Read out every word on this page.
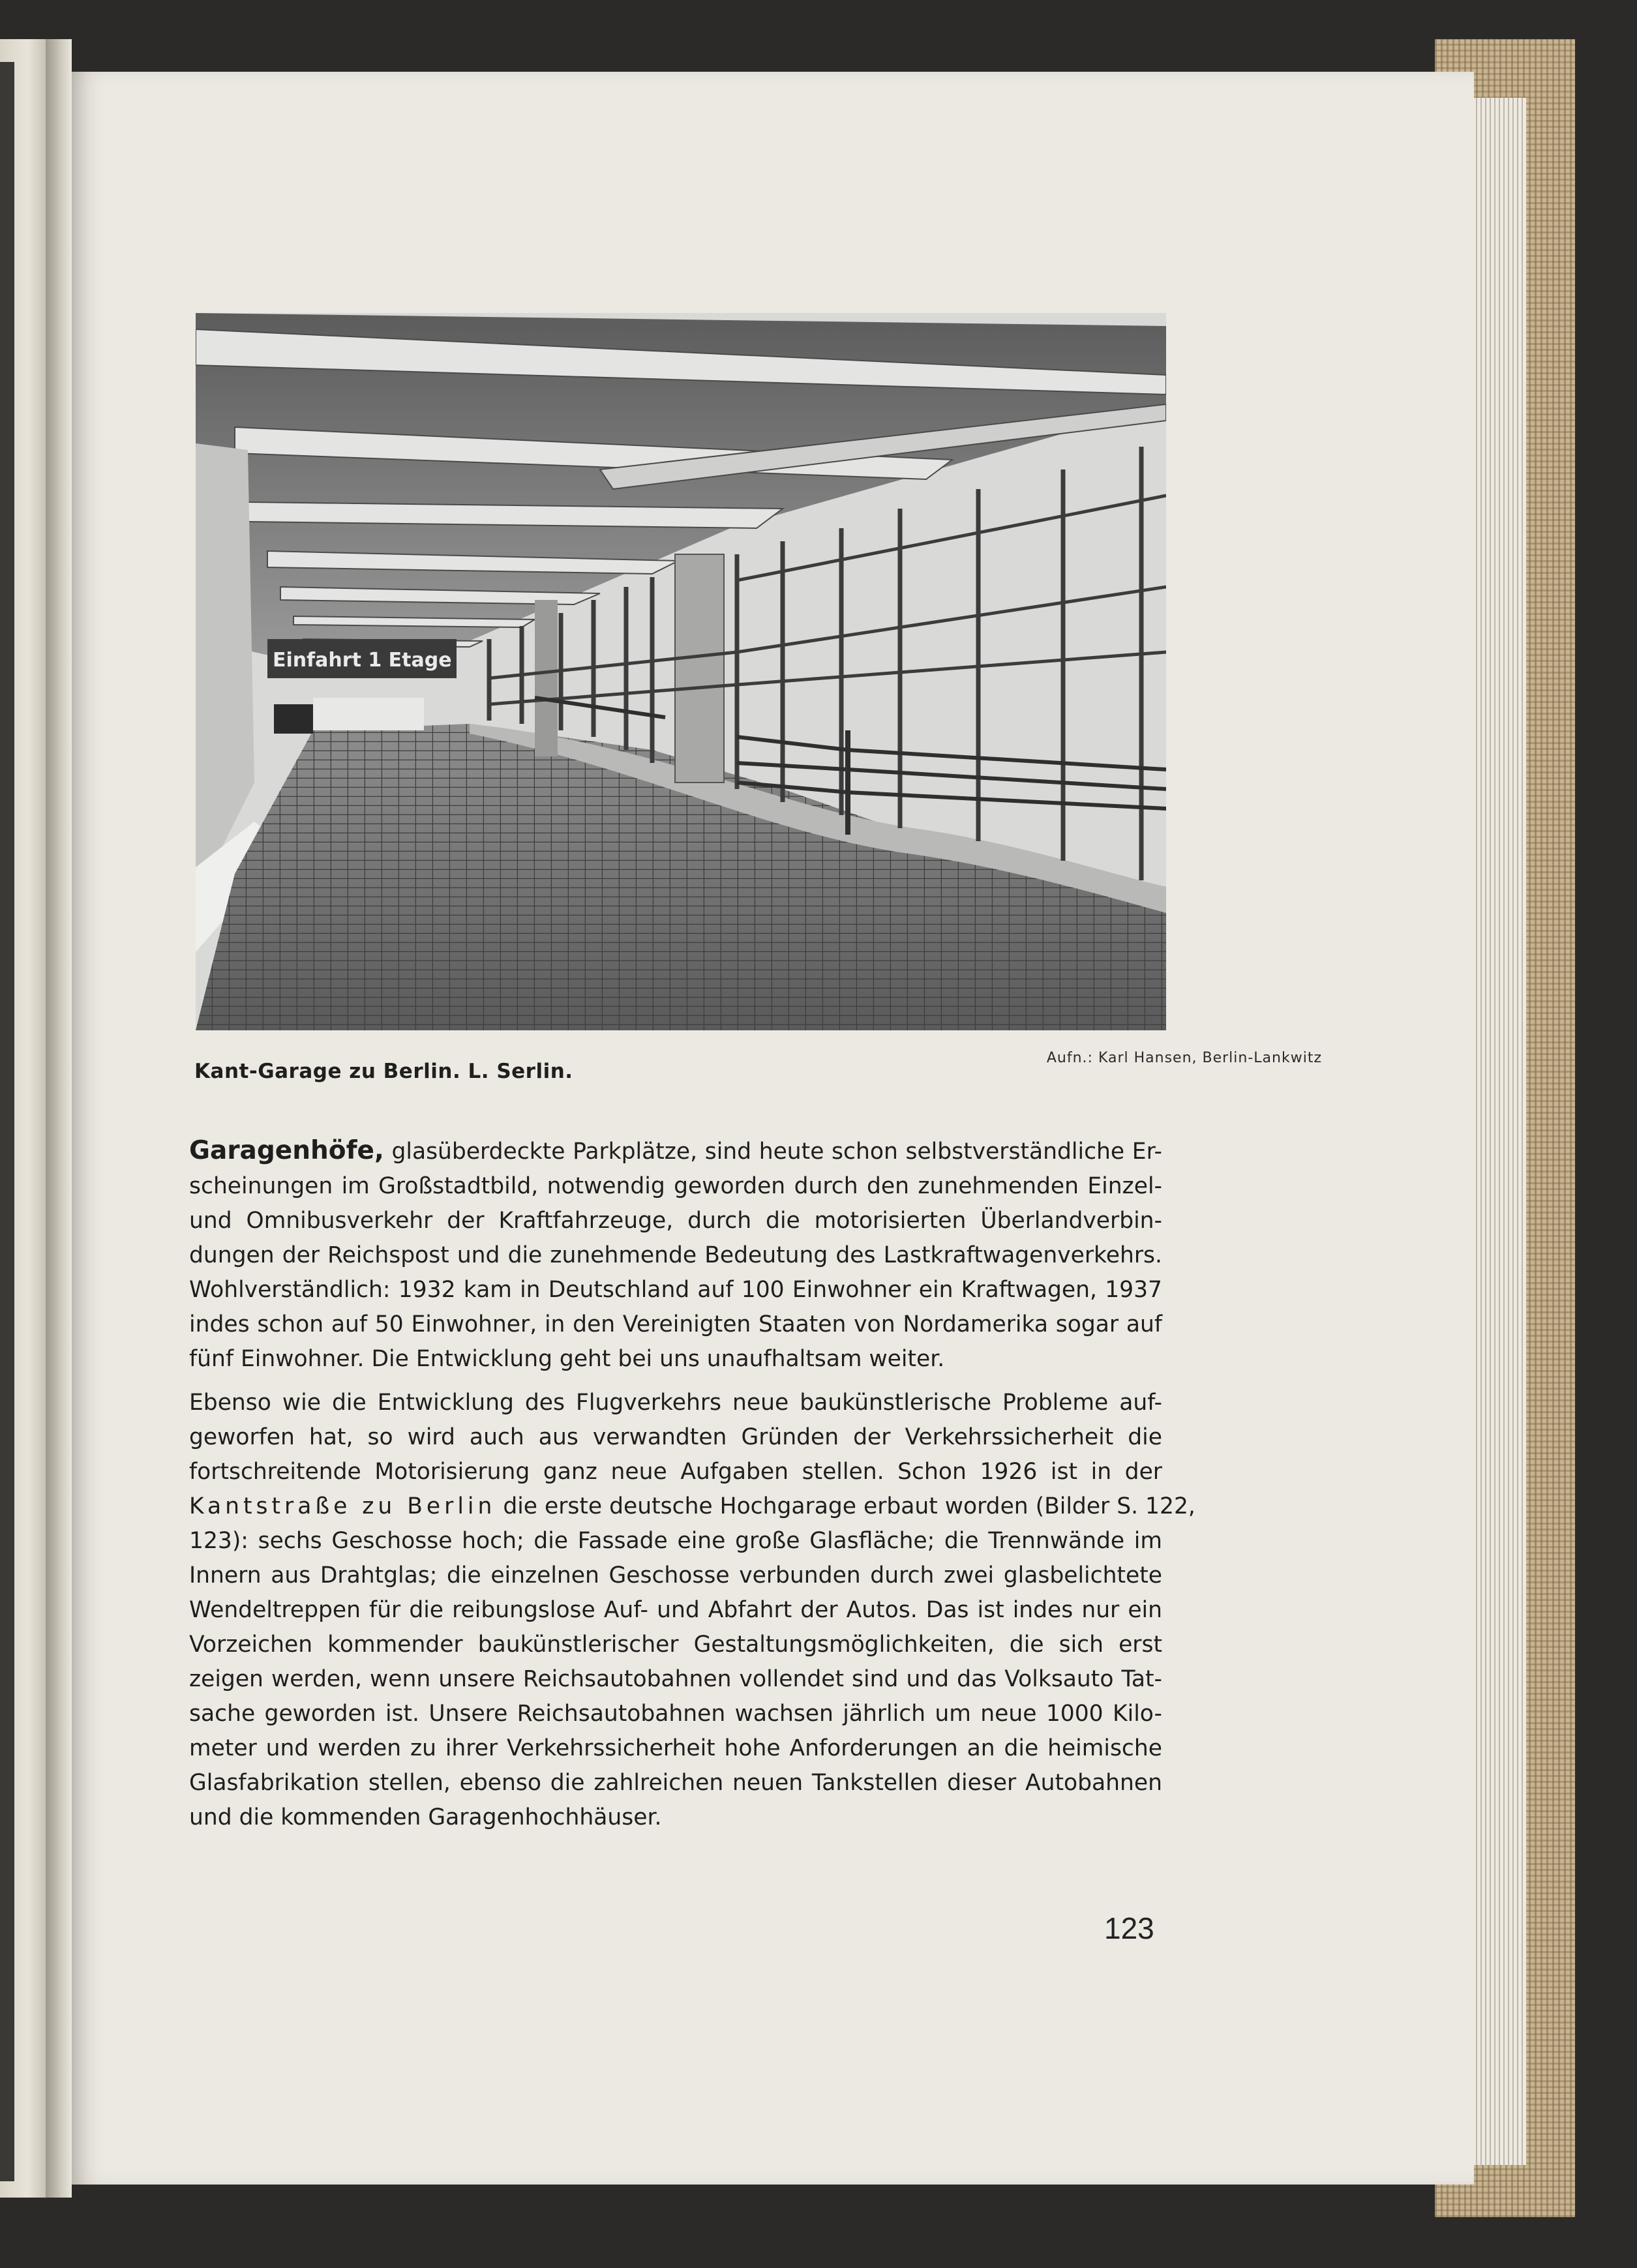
Einfahrt 1 Etage
Kant-Garage zu Berlin. L. Serlin.
Aufn.: Karl Hansen, Berlin-Lankwitz
Garagenhöfe, glasüberdeckte Parkplätze, sind heute schon selbstverständliche Er-
scheinungen im Großstadtbild, notwendig geworden durch den zunehmenden Einzel-
und Omnibusverkehr der Kraftfahrzeuge, durch die motorisierten Überlandverbin-
dungen der Reichspost und die zunehmende Bedeutung des Lastkraftwagenverkehrs.
Wohlverständlich: 1932 kam in Deutschland auf 100 Einwohner ein Kraftwagen, 1937
indes schon auf 50 Einwohner, in den Vereinigten Staaten von Nordamerika sogar auf
fünf Einwohner. Die Entwicklung geht bei uns unaufhaltsam weiter.
Ebenso wie die Entwicklung des Flugverkehrs neue baukünstlerische Probleme auf-
geworfen hat, so wird auch aus verwandten Gründen der Verkehrssicherheit die
fortschreitende Motorisierung ganz neue Aufgaben stellen. Schon 1926 ist in der
Kantstraße zu Berlin die erste deutsche Hochgarage erbaut worden (Bilder S. 122,
123): sechs Geschosse hoch; die Fassade eine große Glasfläche; die Trennwände im
Innern aus Drahtglas; die einzelnen Geschosse verbunden durch zwei glasbelichtete
Wendeltreppen für die reibungslose Auf- und Abfahrt der Autos. Das ist indes nur ein
Vorzeichen kommender baukünstlerischer Gestaltungsmöglichkeiten, die sich erst
zeigen werden, wenn unsere Reichsautobahnen vollendet sind und das Volksauto Tat-
sache geworden ist. Unsere Reichsautobahnen wachsen jährlich um neue 1000 Kilo-
meter und werden zu ihrer Verkehrssicherheit hohe Anforderungen an die heimische
Glasfabrikation stellen, ebenso die zahlreichen neuen Tankstellen dieser Autobahnen
und die kommenden Garagenhochhäuser.
123
